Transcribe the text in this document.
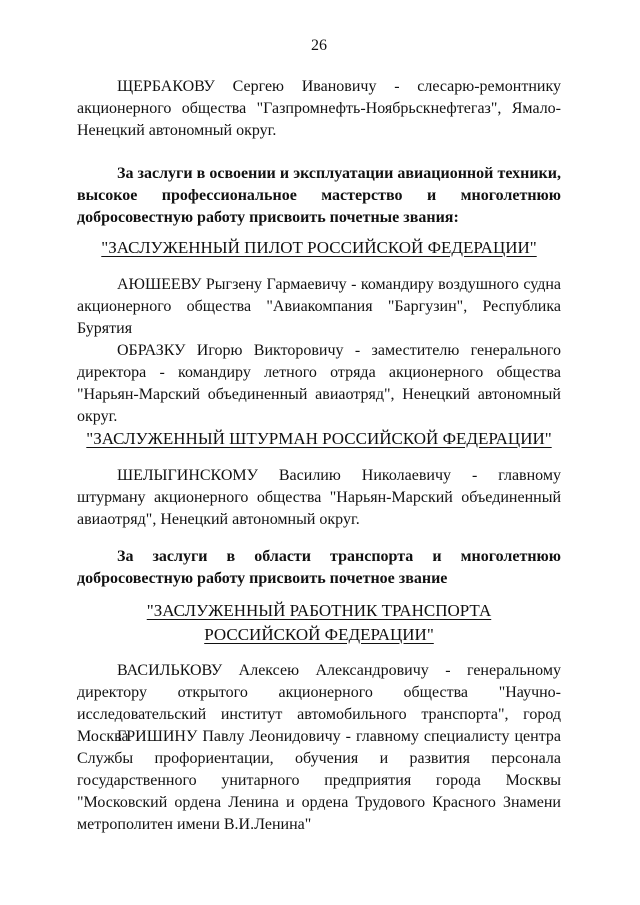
26
ЩЕРБАКОВУ Сергею Ивановичу - слесарю-ремонтнику акционерного общества "Газпромнефть-Ноябрьскнефтегаз", Ямало-Ненецкий автономный округ.
За заслуги в освоении и эксплуатации авиационной техники, высокое профессиональное мастерство и многолетнюю добросовестную работу присвоить почетные звания:
"ЗАСЛУЖЕННЫЙ ПИЛОТ РОССИЙСКОЙ ФЕДЕРАЦИИ"
АЮШЕЕВУ Рыгзену Гармаевичу - командиру воздушного судна акционерного общества "Авиакомпания "Баргузин", Республика Бурятия
ОБРАЗКУ Игорю Викторовичу - заместителю генерального директора - командиру летного отряда акционерного общества "Нарьян-Марский объединенный авиаотряд", Ненецкий автономный округ.
"ЗАСЛУЖЕННЫЙ ШТУРМАН РОССИЙСКОЙ ФЕДЕРАЦИИ"
ШЕЛЫГИНСКОМУ Василию Николаевичу - главному штурману акционерного общества "Нарьян-Марский объединенный авиаотряд", Ненецкий автономный округ.
За заслуги в области транспорта и многолетнюю добросовестную работу присвоить почетное звание
"ЗАСЛУЖЕННЫЙ РАБОТНИК ТРАНСПОРТА
РОССИЙСКОЙ ФЕДЕРАЦИИ"
ВАСИЛЬКОВУ Алексею Александровичу - генеральному директору открытого акционерного общества "Научно-исследовательский институт автомобильного транспорта", город Москва
ГРИШИНУ Павлу Леонидовичу - главному специалисту центра Службы профориентации, обучения и развития персонала государственного унитарного предприятия города Москвы "Московский ордена Ленина и ордена Трудового Красного Знамени метрополитен имени В.И.Ленина"
